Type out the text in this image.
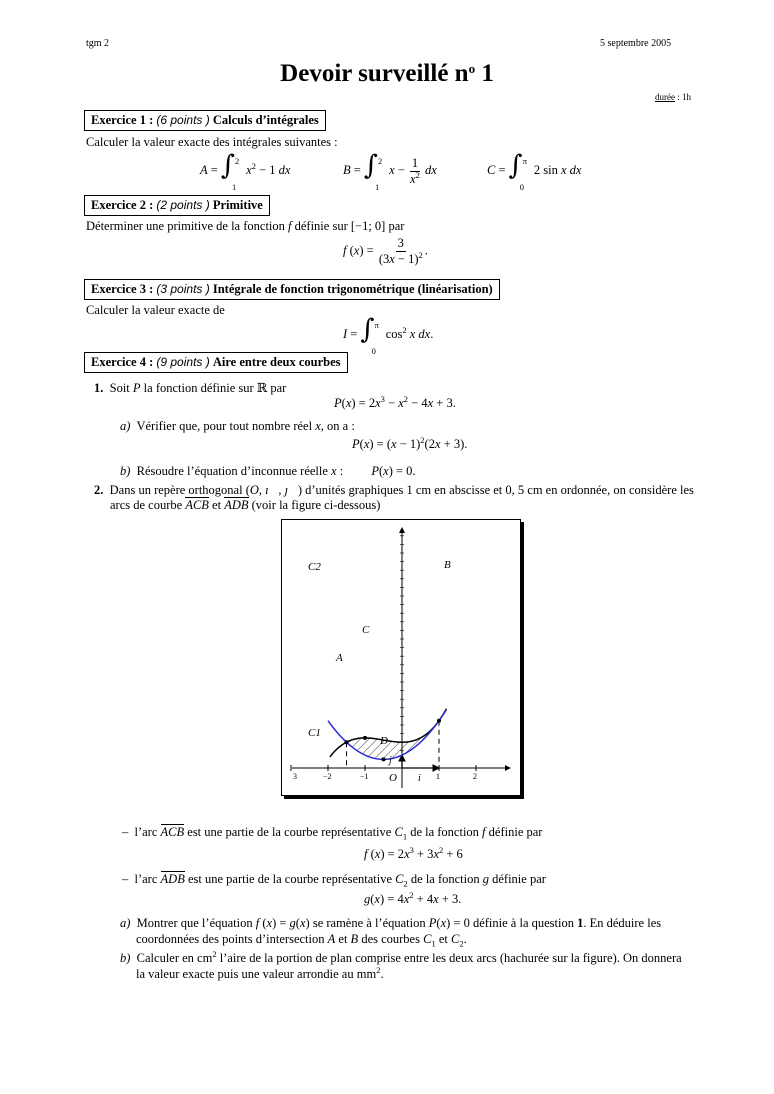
tgm 2	5 septembre 2005
Devoir surveillé $n^o$ 1
durée : 1h
Exercice 1 : (6 points ) Calculs d’intégrales
Calculer la valeur exacte des intégrales suivantes :
A = ∫ 2
1
$x^2 - 1$ dx	B = ∫ 2
1
$x - \frac{1}{x^2}$ dx	C = ∫ π
0
2 sin x dx
Exercice 2 : (2 points ) Primitive
Déterminer une primitive de la fonction f définie sur [−1; 0] par
f $(x) = \frac{3}{(3x - 1)^2}$ .
Exercice 3 : (3 points ) Intégrale de fonction trigonométrique (linéarisation)
Calculer la valeur exacte de
I = ∫ π
0
$\cos^2 x$ dx.
Exercice 4 : (9 points ) Aire entre deux courbes
1. Soit P la fonction définie sur ℝ par
$P(x) = 2x^3 - x^2 - 4x + 3$.
a) Vérifier que, pour tout nombre réel x, on a :
$P(x) = (x - 1)^2(2x + 3)$.
b) Résoudre l’équation d’inconnue réelle x :         P(x) = 0.
2. Dans un repère orthogonal (O, ı⃗, ȷ⃗) d’unités graphiques 1 cm en abscisse et 0, 5 cm en ordonnée, on considère les
arcs de courbe ACB et ADB (voir la figure ci-dessous)
C2	B
C
A
C1
D
O
j
i
3	−2	−1	1	2
–  l’arc ACB est une partie de la courbe représentative $C_1$ de la fonction f définie par
f $(x) = 2x^3 + 3x^2 + 6$
–  l’arc ADB est une partie de la courbe représentative $C_2$ de la fonction g définie par
$g(x) = 4x^2 + 4x + 3$.
a) Montrer que l’équation f (x) = g(x) se ramène à l’équation P(x) = 0 définie à la question 1. En déduire les
coordonnées des points d’intersection A et B des courbes $C_1$ et $C_2$.
b) Calculer en $cm^2$ l’aire de la portion de plan comprise entre les deux arcs (hachurée sur la figure). On donnera
la valeur exacte puis une valeur arrondie au $mm^2$.
